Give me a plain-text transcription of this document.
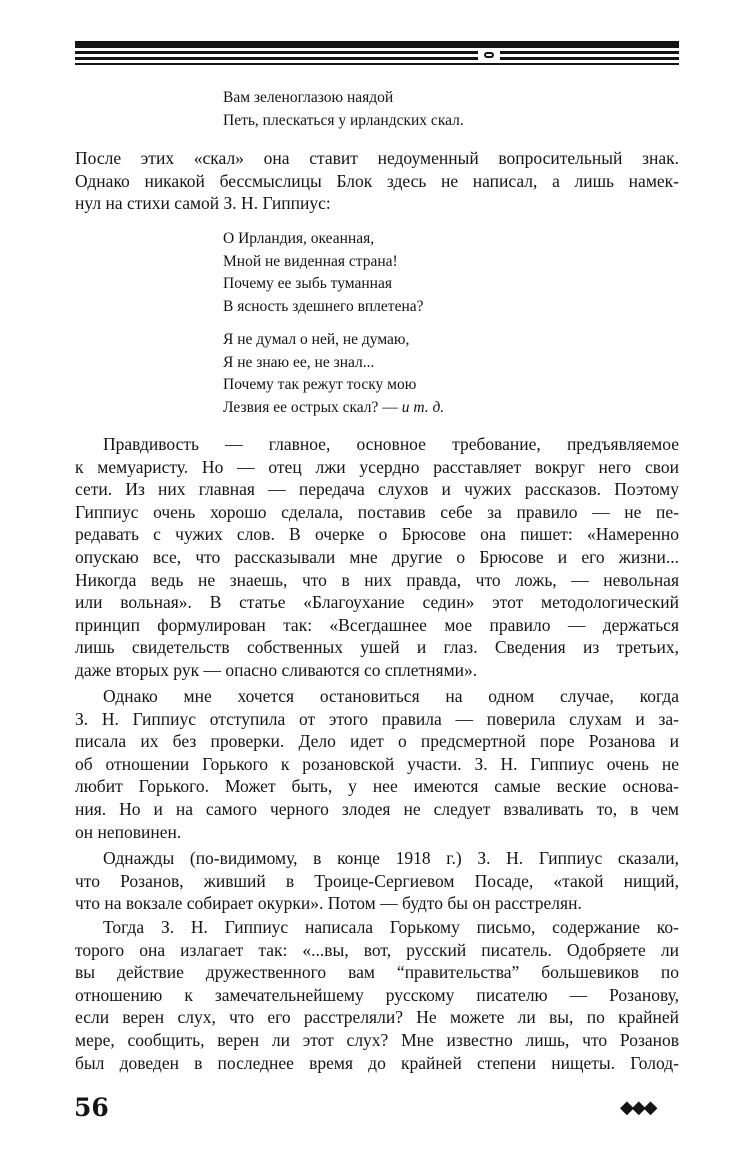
Вам зеленоглазою наядой
Петь, плескаться у ирландских скал.
После этих «скал» она ставит недоуменный вопросительный знак.
Однако никакой бессмыслицы Блок здесь не написал, а лишь намек-
нул на стихи самой З. Н. Гиппиус:
О Ирландия, океанная,
Мной не виденная страна!
Почему ее зыбь туманная
В ясность здешнего вплетена?
Я не думал о ней, не думаю,
Я не знаю ее, не знал...
Почему так режут тоску мою
Лезвия ее острых скал? — и т. д.
Правдивость — главное, основное требование, предъявляемое
к мемуаристу. Но — отец лжи усердно расставляет вокруг него свои
сети. Из них главная — передача слухов и чужих рассказов. Поэтому
Гиппиус очень хорошо сделала, поставив себе за правило — не пе-
редавать с чужих слов. В очерке о Брюсове она пишет: «Намеренно
опускаю все, что рассказывали мне другие о Брюсове и его жизни...
Никогда ведь не знаешь, что в них правда, что ложь, — невольная
или вольная». В статье «Благоухание седин» этот методологический
принцип формулирован так: «Всегдашнее мое правило — держаться
лишь свидетельств собственных ушей и глаз. Сведения из третьих,
даже вторых рук — опасно сливаются со сплетнями».
Однако мне хочется остановиться на одном случае, когда
З. Н. Гиппиус отступила от этого правила — поверила слухам и за-
писала их без проверки. Дело идет о предсмертной поре Розанова и
об отношении Горького к розановской участи. З. Н. Гиппиус очень не
любит Горького. Может быть, у нее имеются самые веские основа-
ния. Но и на самого черного злодея не следует взваливать то, в чем
он неповинен.
Однажды (по-видимому, в конце 1918 г.) З. Н. Гиппиус сказали,
что Розанов, живший в Троице-Сергиевом Посаде, «такой нищий,
что на вокзале собирает окурки». Потом — будто бы он расстрелян.
Тогда З. Н. Гиппиус написала Горькому письмо, содержание ко-
торого она излагает так: «...вы, вот, русский писатель. Одобряете ли
вы действие дружественного вам “правительства” большевиков по
отношению к замечательнейшему русскому писателю — Розанову,
если верен слух, что его расстреляли? Не можете ли вы, по крайней
мере, сообщить, верен ли этот слух? Мне известно лишь, что Розанов
был доведен в последнее время до крайней степени нищеты. Голод-
56	◆◆◆
